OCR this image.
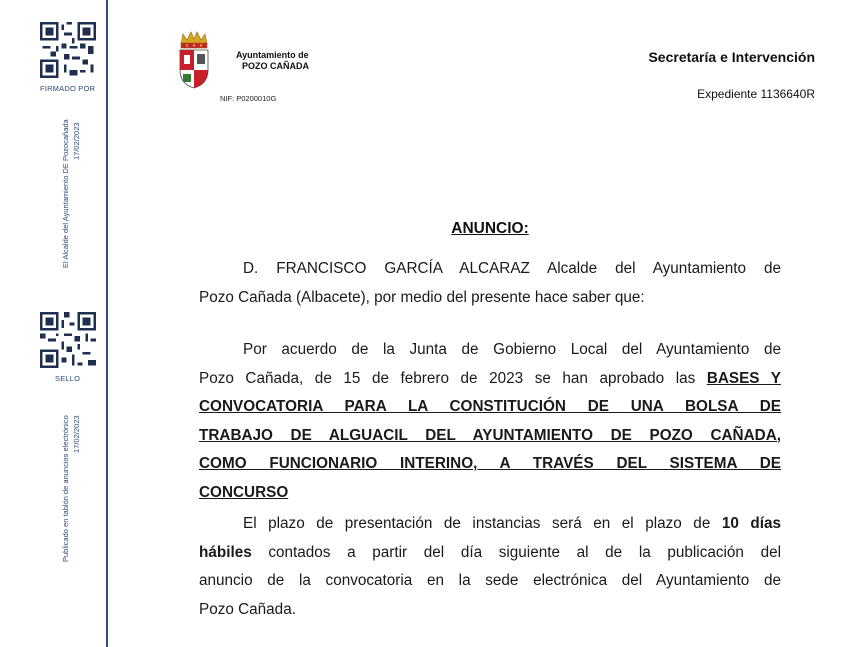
FIRMADO POR
El Alcalde del Ayuntamiento DE Pozocañada 17/02/2023
SELLO
Publicado en tablón de anuncios electrónico 17/02/2023
Ayuntamiento de
POZO CAÑADA
NIF: P0200010G
Secretaría e Intervención
Expediente 1136640R
ANUNCIO:
D. FRANCISCO GARCÍA ALCARAZ Alcalde del Ayuntamiento de
Pozo Cañada (Albacete), por medio del presente hace saber que:
Por acuerdo de la Junta de Gobierno Local del Ayuntamiento de
Pozo Cañada, de 15 de febrero de 2023 se han aprobado las BASES Y
CONVOCATORIA PARA LA CONSTITUCIÓN DE UNA BOLSA DE
TRABAJO DE ALGUACIL DEL AYUNTAMIENTO DE POZO CAÑADA,
COMO FUNCIONARIO INTERINO, A TRAVÉS DEL SISTEMA DE
CONCURSO
El plazo de presentación de instancias será en el plazo de 10 días
hábiles contados a partir del día siguiente al de la publicación del
anuncio de la convocatoria en la sede electrónica del Ayuntamiento de
Pozo Cañada.
